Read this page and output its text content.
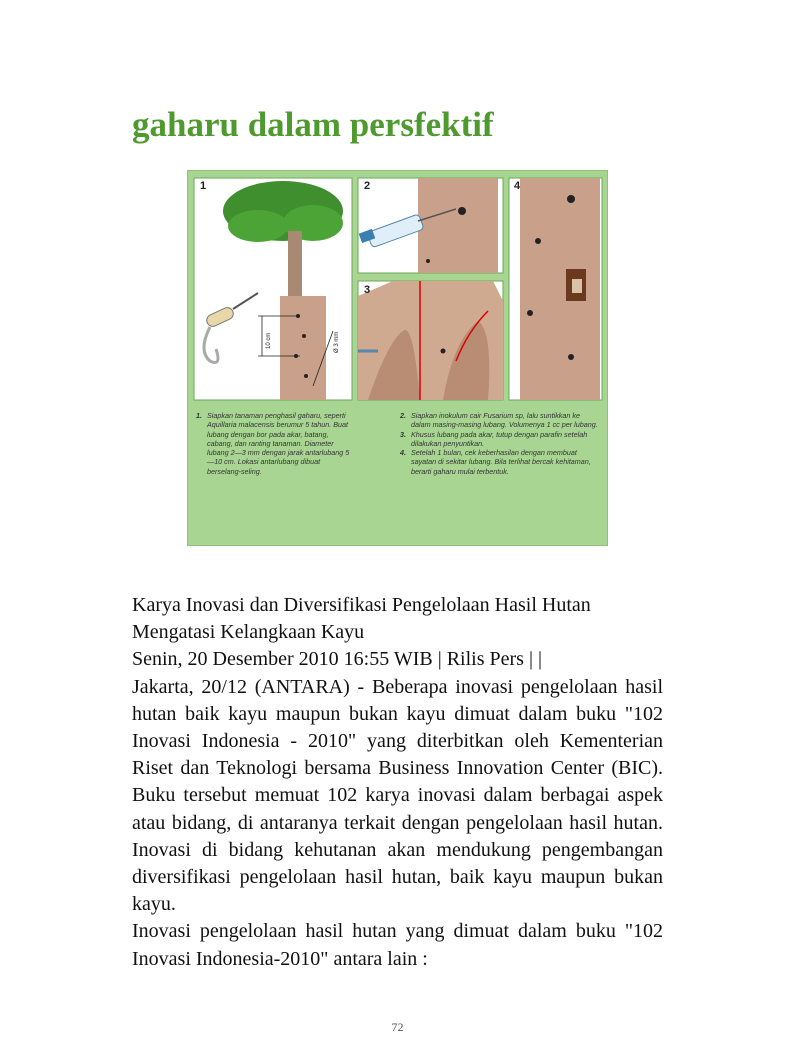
gaharu dalam persfektif
10 cm	Ø 3 mm
1	2
3
4
1. Siapkan tanaman penghasil gaharu, seperti Aquillaria malacensis berumur 5 tahun. Buat lubang dengan bor pada akar, batang, cabang, dan ranting tanaman. Diameter lubang 2—3 mm dengan jarak antarlubang 5—10 cm. Lokasi antarlubang dibuat berselang-seling.
2. Siapkan inokulum cair Fusarium sp, lalu suntikkan ke dalam masing-masing lubang. Volumenya 1 cc per lubang.
3. Khusus lubang pada akar, tutup dengan parafin setelah dilakukan penyuntikan.
4. Setelah 1 bulan, cek keberhasilan dengan membuat sayatan di sekitar lubang. Bila terlihat bercak kehitaman, berarti gaharu mulai terbentuk.

Karya Inovasi dan Diversifikasi Pengelolaan Hasil Hutan

Mengatasi Kelangkaan Kayu

Senin, 20 Desember 2010 16:55 WIB | Rilis Pers | |

Jakarta, 20/12 (ANTARA) - Beberapa inovasi pengelolaan hasil hutan baik kayu maupun bukan kayu dimuat dalam buku "102 Inovasi Indonesia - 2010" yang diterbitkan oleh Kementerian Riset dan Teknologi bersama Business Innovation Center (BIC). Buku tersebut memuat 102 karya inovasi dalam berbagai aspek atau bidang, di antaranya terkait dengan pengelolaan hasil hutan. Inovasi di bidang kehutanan akan mendukung pengembangan diversifikasi pengelolaan hasil hutan, baik kayu maupun bukan kayu.

Inovasi pengelolaan hasil hutan yang dimuat dalam buku "102 Inovasi Indonesia-2010" antara lain :

72
